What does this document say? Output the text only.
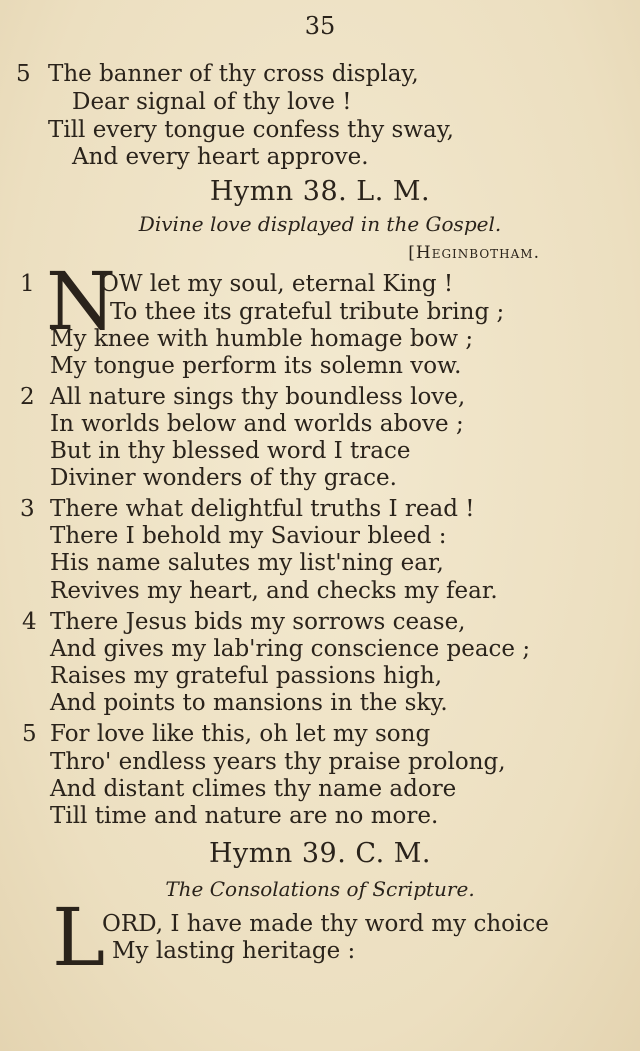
35
5 The banner of thy cross display,
Dear signal of thy love !
Till every tongue confess thy sway,
And every heart approve.
Hymn 38. L. M.
Divine love displayed in the Gospel.
[Heginbotham.
1 N
OW let my soul, eternal King !
To thee its grateful tribute bring ;
My knee with humble homage bow ;
My tongue perform its solemn vow.
2 All nature sings thy boundless love,
In worlds below and worlds above ;
But in thy blessed word I trace
Diviner wonders of thy grace.
3 There what delightful truths I read !
There I behold my Saviour bleed :
His name salutes my list'ning ear,
Revives my heart, and checks my fear.
4 There Jesus bids my sorrows cease,
And gives my lab'ring conscience peace ;
Raises my grateful passions high,
And points to mansions in the sky.
5 For love like this, oh let my song
Thro' endless years thy praise prolong,
And distant climes thy name adore
Till time and nature are no more.
Hymn 39. C. M.
The Consolations of Scripture.
L
ORD, I have made thy word my choice
My lasting heritage :
